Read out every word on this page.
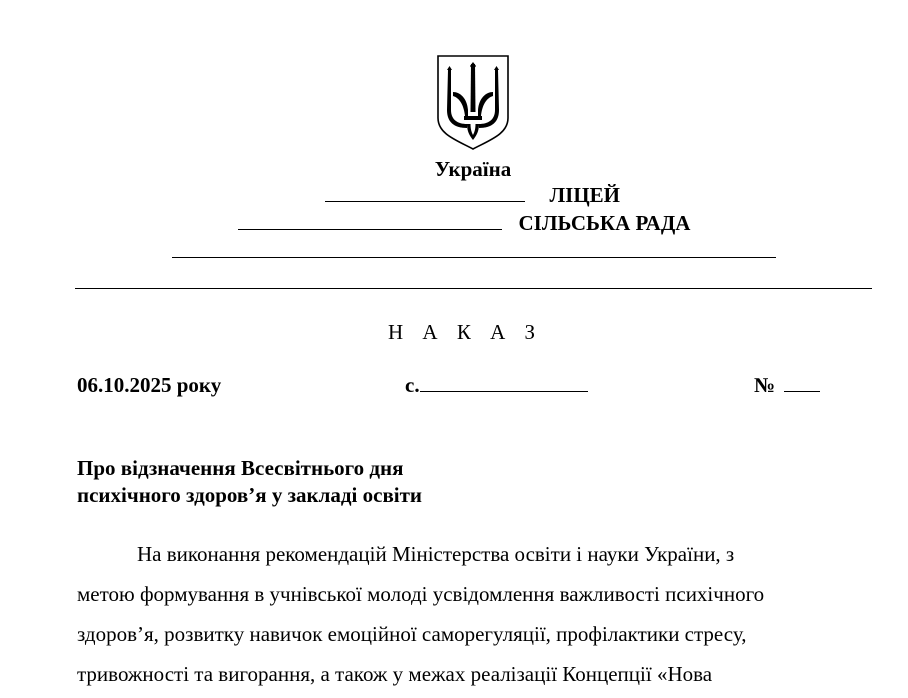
Україна
ЛІЦЕЙ
СІЛЬСЬКА РАДА
Н А К А З
06.10.2025 року	с.	№
Про відзначення Всесвітнього дня
психічного здоров’я у закладі освіти
На виконання рекомендацій Міністерства освіти і науки України, з
метою формування в учнівської молоді усвідомлення важливості психічного
здоров’я, розвитку навичок емоційної саморегуляції, профілактики стресу,
тривожності та вигорання, а також у межах реалізації Концепції «Нова
